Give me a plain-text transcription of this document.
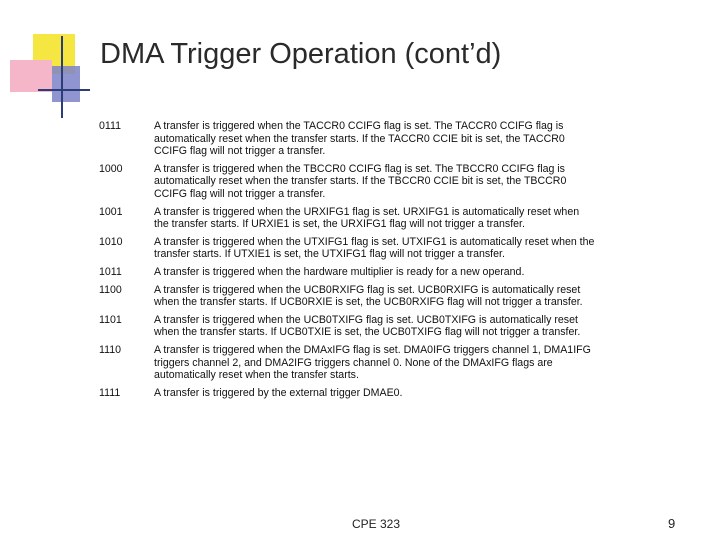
DMA Trigger Operation (cont’d)
0111	A transfer is triggered when the TACCR0 CCIFG flag is set. The TACCR0 CCIFG flag is
automatically reset when the transfer starts. If the TACCR0 CCIE bit is set, the TACCR0
CCIFG flag will not trigger a transfer.
1000	A transfer is triggered when the TBCCR0 CCIFG flag is set. The TBCCR0 CCIFG flag is
automatically reset when the transfer starts. If the TBCCR0 CCIE bit is set, the TBCCR0
CCIFG flag will not trigger a transfer.
1001	A transfer is triggered when the URXIFG1 flag is set. URXIFG1 is automatically reset when
the transfer starts. If URXIE1 is set, the URXIFG1 flag will not trigger a transfer.
1010	A transfer is triggered when the UTXIFG1 flag is set. UTXIFG1 is automatically reset when the
transfer starts. If UTXIE1 is set, the UTXIFG1 flag will not trigger a transfer.
1011	A transfer is triggered when the hardware multiplier is ready for a new operand.
1100	A transfer is triggered when the UCB0RXIFG flag is set. UCB0RXIFG is automatically reset
when the transfer starts. If UCB0RXIE is set, the UCB0RXIFG flag will not trigger a transfer.
1101	A transfer is triggered when the UCB0TXIFG flag is set. UCB0TXIFG is automatically reset
when the transfer starts. If UCB0TXIE is set, the UCB0TXIFG flag will not trigger a transfer.
1110	A transfer is triggered when the DMAxIFG flag is set. DMA0IFG triggers channel 1, DMA1IFG
triggers channel 2, and DMA2IFG triggers channel 0. None of the DMAxIFG flags are
automatically reset when the transfer starts.
1111	A transfer is triggered by the external trigger DMAE0.
CPE 323	9
